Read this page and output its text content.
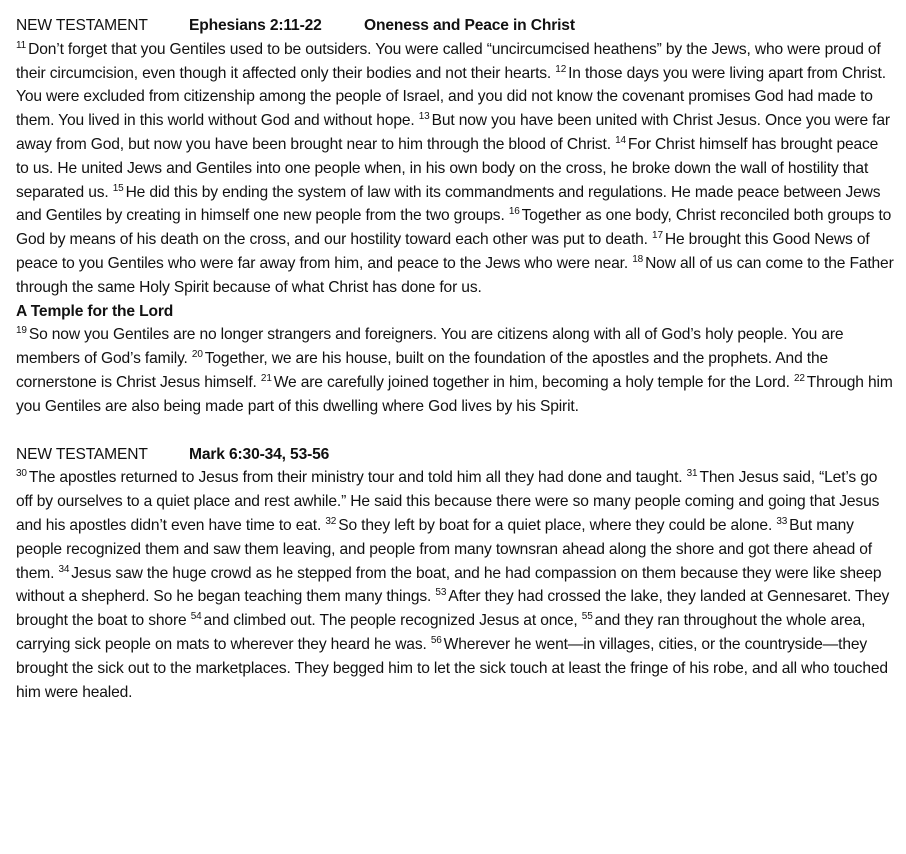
NEW TESTAMENT	Ephesians 2:11-22	Oneness and Peace in Christ
$^{11}$ Don’t forget that you Gentiles used to be outsiders. You were called “uncircumcised heathens” by the Jews, who were proud of their circumcision, even though it affected only their bodies and not their hearts. $^{12}$ In those days you were living apart from Christ. You were excluded from citizenship among the people of Israel, and you did not know the covenant promises God had made to them. You lived in this world without God and without hope. $^{13}$ But now you have been united with Christ Jesus. Once you were far away from God, but now you have been brought near to him through the blood of Christ. $^{14}$ For Christ himself has brought peace to us. He united Jews and Gentiles into one people when, in his own body on the cross, he broke down the wall of hostility that separated us. $^{15}$ He did this by ending the system of law with its commandments and regulations. He made peace between Jews and Gentiles by creating in himself one new people from the two groups. $^{16}$ Together as one body, Christ reconciled both groups to God by means of his death on the cross, and our hostility toward each other was put to death. $^{17}$ He brought this Good News of peace to you Gentiles who were far away from him, and peace to the Jews who were near. $^{18}$ Now all of us can come to the Father through the same Holy Spirit because of what Christ has done for us.
A Temple for the Lord
$^{19}$ So now you Gentiles are no longer strangers and foreigners. You are citizens along with all of God’s holy people. You are members of God’s family. $^{20}$ Together, we are his house, built on the foundation of the apostles and the prophets. And the cornerstone is Christ Jesus himself. $^{21}$ We are carefully joined together in him, becoming a holy temple for the Lord. $^{22}$ Through him you Gentiles are also being made part of this dwelling where God lives by his Spirit.
NEW TESTAMENT	Mark 6:30-34, 53-56
$^{30}$ The apostles returned to Jesus from their ministry tour and told him all they had done and taught. $^{31}$ Then Jesus said, “Let’s go off by ourselves to a quiet place and rest awhile.” He said this because there were so many people coming and going that Jesus and his apostles didn’t even have time to eat. $^{32}$ So they left by boat for a quiet place, where they could be alone. $^{33}$ But many people recognized them and saw them leaving, and people from many townsran ahead along the shore and got there ahead of them. $^{34}$ Jesus saw the huge crowd as he stepped from the boat, and he had compassion on them because they were like sheep without a shepherd. So he began teaching them many things. $^{53}$ After they had crossed the lake, they landed at Gennesaret. They brought the boat to shore $^{54}$ and climbed out. The people recognized Jesus at once, $^{55}$ and they ran throughout the whole area, carrying sick people on mats to wherever they heard he was. $^{56}$ Wherever he went—in villages, cities, or the countryside—they brought the sick out to the marketplaces. They begged him to let the sick touch at least the fringe of his robe, and all who touched him were healed.
